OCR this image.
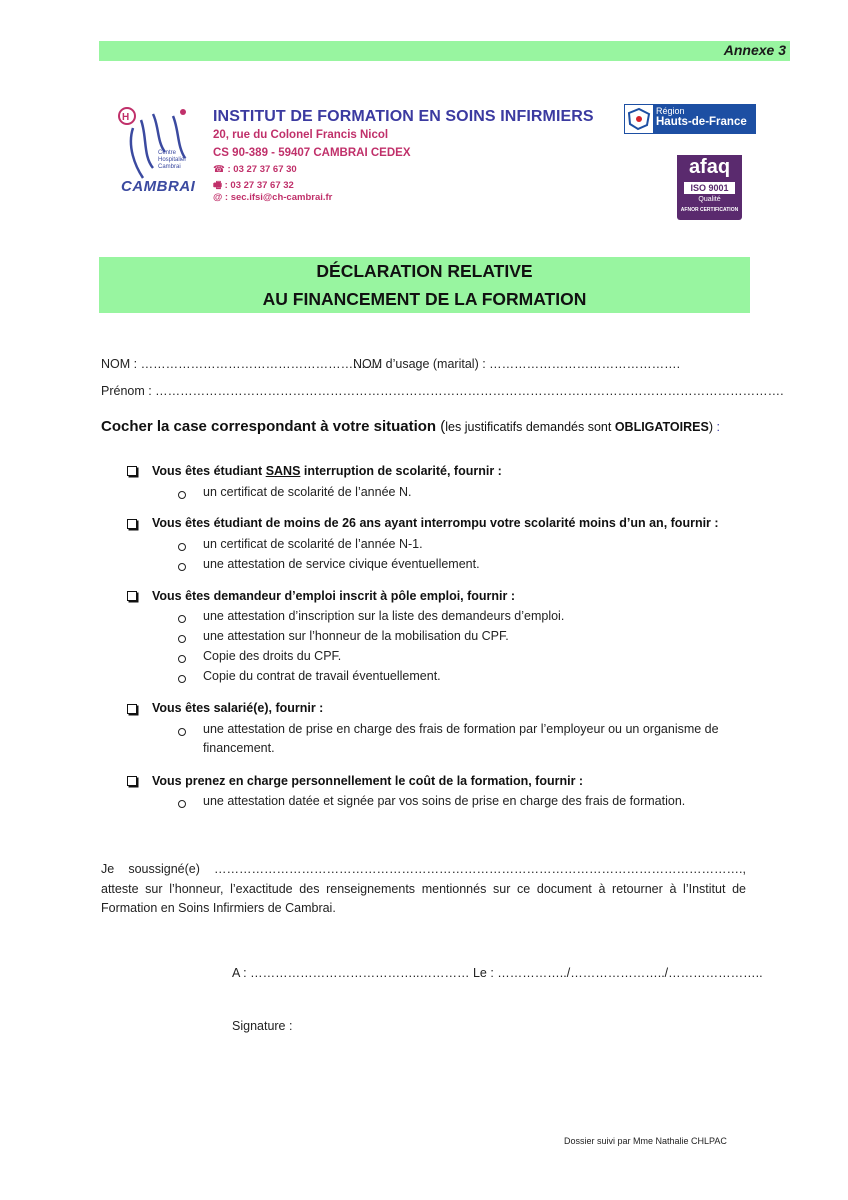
Annexe 3
H
Centre Hospitalier Cambrai
CAMBRAI
INSTITUT DE FORMATION EN SOINS INFIRMIERS
20, rue du Colonel Francis Nicol
CS 90-389 - 59407 CAMBRAI CEDEX
☎ : 03 27 37 67 30
🖷 : 03 27 37 67 32
@ : sec.ifsi@ch-cambrai.fr
Région
Hauts-de-France
afaq
ISO 9001
Qualité
AFNOR CERTIFICATION
DÉCLARATION RELATIVE
AU FINANCEMENT DE LA FORMATION
NOM : ………………………………………………….
NOM d’usage (marital) : ……………………………………….
Prénom : …………………………………………………………………………………………………………………………………….
Cocher la case correspondant à votre situation (les justificatifs demandés sont OBLIGATOIRES) :
Vous êtes étudiant SANS interruption de scolarité, fournir :
un certificat de scolarité de l’année N.
Vous êtes étudiant de moins de 26 ans ayant interrompu votre scolarité moins d’un an, fournir :
un certificat de scolarité de l’année N-1.
une attestation de service civique éventuellement.
Vous êtes demandeur d’emploi inscrit à pôle emploi, fournir :
une attestation d’inscription sur la liste des demandeurs d’emploi.
une attestation sur l’honneur de la mobilisation du CPF.
Copie des droits du CPF.
Copie du contrat de travail éventuellement.
Vous êtes salarié(e), fournir :
une attestation de prise en charge des frais de formation par l’employeur ou un organisme de
financement.
Vous prenez en charge personnellement le coût de la formation, fournir :
une attestation datée et signée par vos soins de prise en charge des frais de formation.
Je soussigné(e) ………………………………………………………………………………………………………………., atteste sur l’honneur, l’exactitude des renseignements mentionnés sur ce document à retourner à l’Institut de Formation en Soins Infirmiers de Cambrai.
A : …………………………………..………… Le : ……………../…………………../…………………..
Signature :
Dossier suivi par Mme Nathalie CHLPAC
